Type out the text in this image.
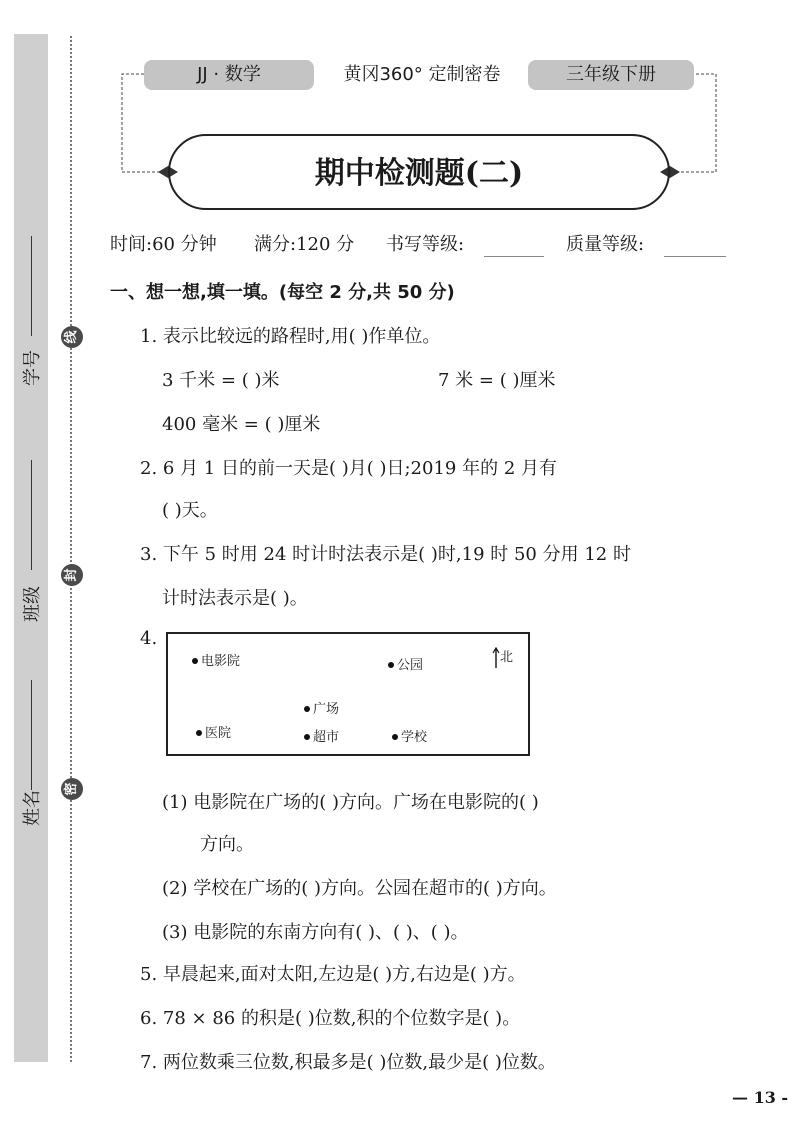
学号
班级
姓名
线
封
密
JJ · 数学	黄冈360° 定制密卷	三年级下册
期中检测题(二)
时间:60 分钟 满分:120 分 书写等级:	质量等级:
一、想一想,填一填。(每空 2 分,共 50 分)
1. 表示比较远的路程时,用( )作单位。
3 千米 = ( )米	7 米 = ( )厘米
400 毫米 = ( )厘米
2. 6 月 1 日的前一天是( )月( )日;2019 年的 2 月有
( )天。
3. 下午 5 时用 24 时计时法表示是( )时,19 时 50 分用 12 时
计时法表示是( )。
4.
电影院	公园
北
广场
医院	超市	学校
(1) 电影院在广场的( )方向。广场在电影院的( )
方向。
(2) 学校在广场的( )方向。公园在超市的( )方向。
(3) 电影院的东南方向有( )、( )、( )。
5. 早晨起来,面对太阳,左边是( )方,右边是( )方。
6. 78 × 86 的积是( )位数,积的个位数字是( )。
7. 两位数乘三位数,积最多是( )位数,最少是( )位数。
— 13 -
